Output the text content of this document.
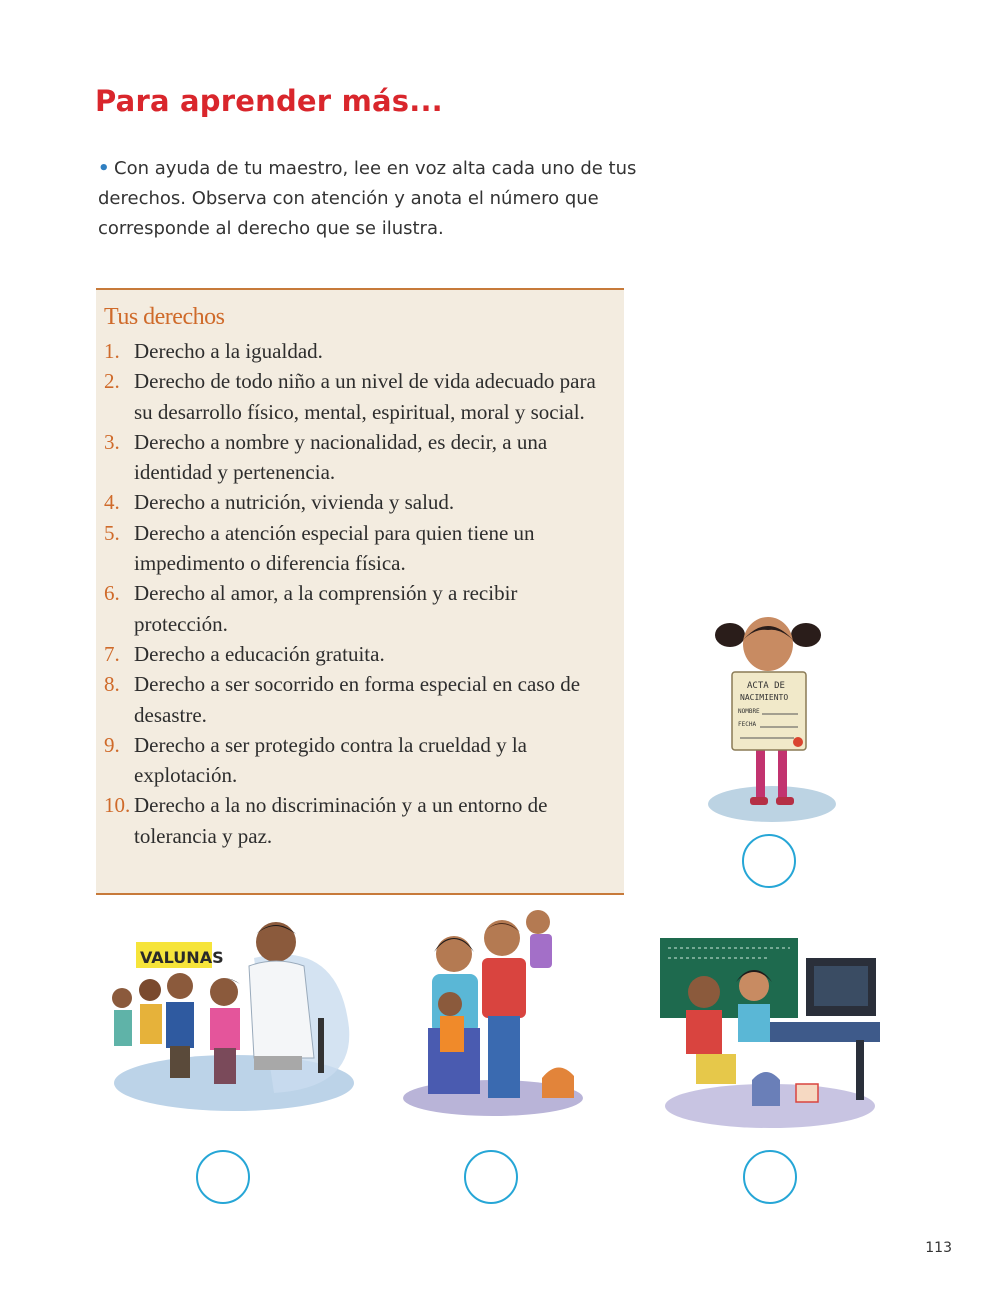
Para aprender más...
• Con ayuda de tu maestro, lee en voz alta cada uno de tus derechos. Observa con atención y anota el número que corresponde al derecho que se ilustra.
Tus derechos
1. Derecho a la igualdad.
2. Derecho de todo niño a un nivel de vida adecuado para su desarrollo físico, mental, espiritual, moral y social.
3. Derecho a nombre y nacionalidad, es decir, a una identidad y pertenencia.
4. Derecho a nutrición, vivienda y salud.
5. Derecho a atención especial para quien tiene un impedimento o diferencia física.
6. Derecho al amor, a la comprensión y a recibir protección.
7. Derecho a educación gratuita.
8. Derecho a ser socorrido en forma especial en caso de desastre.
9. Derecho a ser protegido contra la crueldad y la explotación.
10. Derecho a la no discriminación y a un entorno de tolerancia y paz.
ACTA DE
NACIMIENTO
NOMBRE
FECHA
VALUNAS
113
